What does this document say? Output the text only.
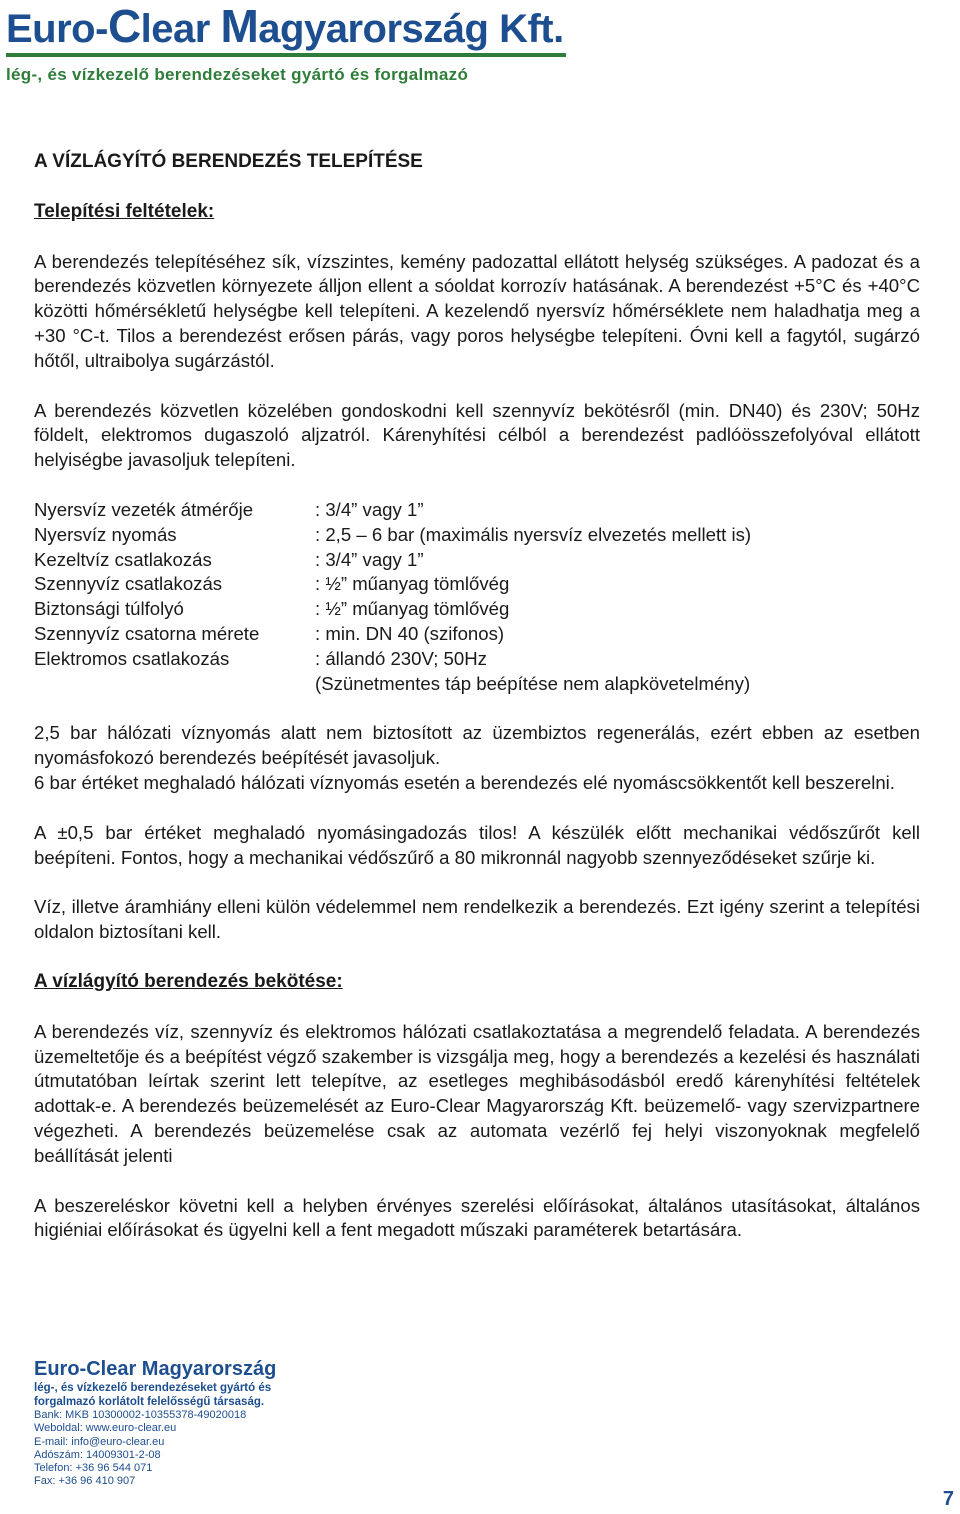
Euro-Clear Magyarország Kft.
lég-, és vízkezelő berendezéseket gyártó és forgalmazó
A VÍZLÁGYÍTÓ BERENDEZÉS TELEPÍTÉSE
Telepítési feltételek:

A berendezés telepítéséhez sík, vízszintes, kemény padozattal ellátott helység szükséges. A padozat és a berendezés közvetlen környezete álljon ellent a sóoldat korrozív hatásának. A berendezést +5°C és +40°C közötti hőmérsékletű helységbe kell telepíteni. A kezelendő nyersvíz hőmérséklete nem haladhatja meg a +30 °C-t. Tilos a berendezést erősen párás, vagy poros helységbe telepíteni. Óvni kell a fagytól, sugárzó hőtől, ultraibolya sugárzástól.

A berendezés közvetlen közelében gondoskodni kell szennyvíz bekötésről (min. DN40) és 230V; 50Hz földelt, elektromos dugaszoló aljzatról. Kárenyhítési célból a berendezést padlóösszefolyóval ellátott helyiségbe javasoljuk telepíteni.

Nyersvíz vezeték átmérője	: 3/4” vagy 1”
Nyersvíz nyomás	: 2,5 – 6 bar (maximális nyersvíz elvezetés mellett is)
Kezeltvíz csatlakozás	: 3/4” vagy 1”
Szennyvíz csatlakozás	: ½” műanyag tömlővég
Biztonsági túlfolyó	: ½” műanyag tömlővég
Szennyvíz csatorna mérete	: min. DN 40 (szifonos)
Elektromos csatlakozás	: állandó 230V; 50Hz
(Szünetmentes táp beépítése nem alapkövetelmény)

2,5 bar hálózati víznyomás alatt nem biztosított az üzembiztos regenerálás, ezért ebben az esetben nyomásfokozó berendezés beépítését javasoljuk.

6 bar értéket meghaladó hálózati víznyomás esetén a berendezés elé nyomáscsökkentőt kell beszerelni.

A ±0,5 bar értéket meghaladó nyomásingadozás tilos! A készülék előtt mechanikai védőszűrőt kell beépíteni. Fontos, hogy a mechanikai védőszűrő a 80 mikronnál nagyobb szennyeződéseket szűrje ki.

Víz, illetve áramhiány elleni külön védelemmel nem rendelkezik a berendezés. Ezt igény szerint a telepítési oldalon biztosítani kell.

A vízlágyító berendezés bekötése:

A berendezés víz, szennyvíz és elektromos hálózati csatlakoztatása a megrendelő feladata. A berendezés üzemeltetője és a beépítést végző szakember is vizsgálja meg, hogy a berendezés a kezelési és használati útmutatóban leírtak szerint lett telepítve, az esetleges meghibásodásból eredő kárenyhítési feltételek adottak-e. A berendezés beüzemelését az Euro-Clear Magyarország Kft. beüzemelő- vagy szervizpartnere végezheti. A berendezés beüzemelése csak az automata vezérlő fej helyi viszonyoknak megfelelő beállítását jelenti

A beszereléskor követni kell a helyben érvényes szerelési előírásokat, általános utasításokat, általános higiéniai előírásokat és ügyelni kell a fent megadott műszaki paraméterek betartására.

Euro-Clear Magyarország
lég-, és vízkezelő berendezéseket gyártó és
forgalmazó korlátolt felelősségű társaság.
Bank: MKB 10300002-10355378-49020018
Weboldal: www.euro-clear.eu
E-mail: info@euro-clear.eu
Adószám: 14009301-2-08
Telefon: +36 96 544 071
Fax: +36 96 410 907
7
